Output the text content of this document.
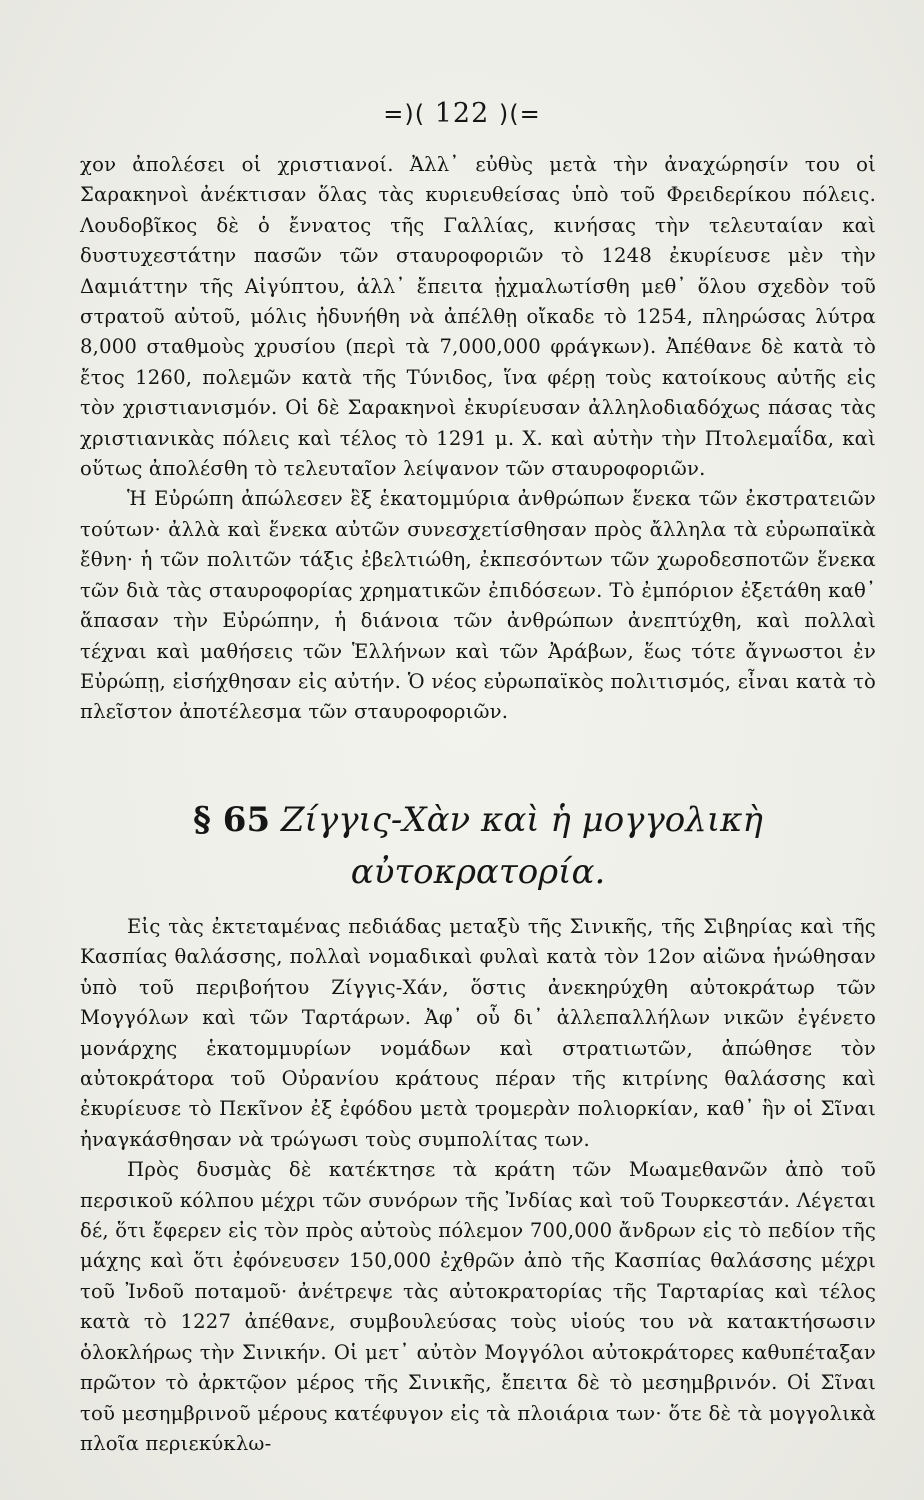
=)( 122 )(=

χον ἀπολέσει οἱ χριστιανοί. Ἀλλ᾽ εὐθὺς μετὰ τὴν ἀναχώρησίν του οἱ Σαρακηνοὶ ἀνέκτισαν ὅλας τὰς κυριευθείσας ὑπὸ τοῦ Φρειδερίκου πόλεις. Λουδοβῖκος δὲ ὁ ἔννατος τῆς Γαλλίας, κινήσας τὴν τελευταίαν καὶ δυστυχεστάτην πασῶν τῶν σταυροφοριῶν τὸ 1248 ἐκυρίευσε μὲν τὴν Δαμιάττην τῆς Αἰγύπτου, ἀλλ᾽ ἔπειτα ᾐχμαλωτίσθη μεθ᾽ ὅλου σχεδὸν τοῦ στρατοῦ αὐτοῦ, μόλις ἠδυνήθη νὰ ἀπέλθῃ οἴκαδε τὸ 1254, πληρώσας λύτρα 8,000 σταθμοὺς χρυσίου (περὶ τὰ 7,000,000 φράγκων). Ἀπέθανε δὲ κατὰ τὸ ἔτος 1260, πολεμῶν κατὰ τῆς Τύνιδος, ἵνα φέρῃ τοὺς κατοίκους αὐτῆς εἰς τὸν χριστιανισμόν. Οἱ δὲ Σαρακηνοὶ ἐκυρίευσαν ἀλληλοδιαδόχως πάσας τὰς χριστιανικὰς πόλεις καὶ τέλος τὸ 1291 μ. Χ. καὶ αὐτὴν τὴν Πτολεμαΐδα, καὶ οὕτως ἀπολέσθη τὸ τελευταῖον λείψανον τῶν σταυροφοριῶν.

Ἡ Εὐρώπη ἀπώλεσεν ἓξ ἑκατομμύρια ἀνθρώπων ἕνεκα τῶν ἐκστρατειῶν τούτων· ἀλλὰ καὶ ἕνεκα αὐτῶν συνεσχετίσθησαν πρὸς ἄλληλα τὰ εὐρωπαϊκὰ ἔθνη· ἡ τῶν πολιτῶν τάξις ἐβελτιώθη, ἐκπεσόντων τῶν χωροδεσποτῶν ἕνεκα τῶν διὰ τὰς σταυροφορίας χρηματικῶν ἐπιδόσεων. Τὸ ἐμπόριον ἐξετάθη καθ᾽ ἅπασαν τὴν Εὐρώπην, ἡ διάνοια τῶν ἀνθρώπων ἀνεπτύχθη, καὶ πολλαὶ τέχναι καὶ μαθήσεις τῶν Ἑλλήνων καὶ τῶν Ἀράβων, ἕως τότε ἄγνωστοι ἐν Εὐρώπῃ, εἰσήχθησαν εἰς αὐτήν. Ὁ νέος εὐρωπαϊκὸς πολιτισμός, εἶναι κατὰ τὸ πλεῖστον ἀποτέλεσμα τῶν σταυροφοριῶν.

§ 65 Ζίγγις-Χὰν καὶ ἡ μογγολικὴ
αὐτοκρατορία.

Εἰς τὰς ἐκτεταμένας πεδιάδας μεταξὺ τῆς Σινικῆς, τῆς Σιβηρίας καὶ τῆς Κασπίας θαλάσσης, πολλαὶ νομαδικαὶ φυλαὶ κατὰ τὸν 12ον αἰῶνα ἡνώθησαν ὑπὸ τοῦ περιβοήτου Ζίγγις-Χάν, ὅστις ἀνεκηρύχθη αὐτοκράτωρ τῶν Μογγόλων καὶ τῶν Ταρτάρων. Ἀφ᾽ οὗ δι᾽ ἀλλεπαλλήλων νικῶν ἐγένετο μονάρχης ἑκατομμυρίων νομάδων καὶ στρατιωτῶν, ἀπώθησε τὸν αὐτοκράτορα τοῦ Οὐρανίου κράτους πέραν τῆς κιτρίνης θαλάσσης καὶ ἐκυρίευσε τὸ Πεκῖνον ἐξ ἐφόδου μετὰ τρομερὰν πολιορκίαν, καθ᾽ ἣν οἱ Σῖναι ἠναγκάσθησαν νὰ τρώγωσι τοὺς συμπολίτας των.

Πρὸς δυσμὰς δὲ κατέκτησε τὰ κράτη τῶν Μωαμεθανῶν ἀπὸ τοῦ περσικοῦ κόλπου μέχρι τῶν συνόρων τῆς Ἰνδίας καὶ τοῦ Τουρκεστάν. Λέγεται δέ, ὅτι ἔφερεν εἰς τὸν πρὸς αὐτοὺς πόλεμον 700,000 ἄνδρων εἰς τὸ πεδίον τῆς μάχης καὶ ὅτι ἐφόνευσεν 150,000 ἐχθρῶν ἀπὸ τῆς Κασπίας θαλάσσης μέχρι τοῦ Ἰνδοῦ ποταμοῦ· ἀνέτρεψε τὰς αὐτοκρατορίας τῆς Ταρταρίας καὶ τέλος κατὰ τὸ 1227 ἀπέθανε, συμβουλεύσας τοὺς υἱούς του νὰ κατακτήσωσιν ὁλοκλήρως τὴν Σινικήν. Οἱ μετ᾽ αὐτὸν Μογγόλοι αὐτοκράτορες καθυπέταξαν πρῶτον τὸ ἀρκτῷον μέρος τῆς Σινικῆς, ἔπειτα δὲ τὸ μεσημβρινόν. Οἱ Σῖναι τοῦ μεσημβρινοῦ μέρους κατέφυγον εἰς τὰ πλοιάρια των· ὅτε δὲ τὰ μογγολικὰ πλοῖα περιεκύκλω-
